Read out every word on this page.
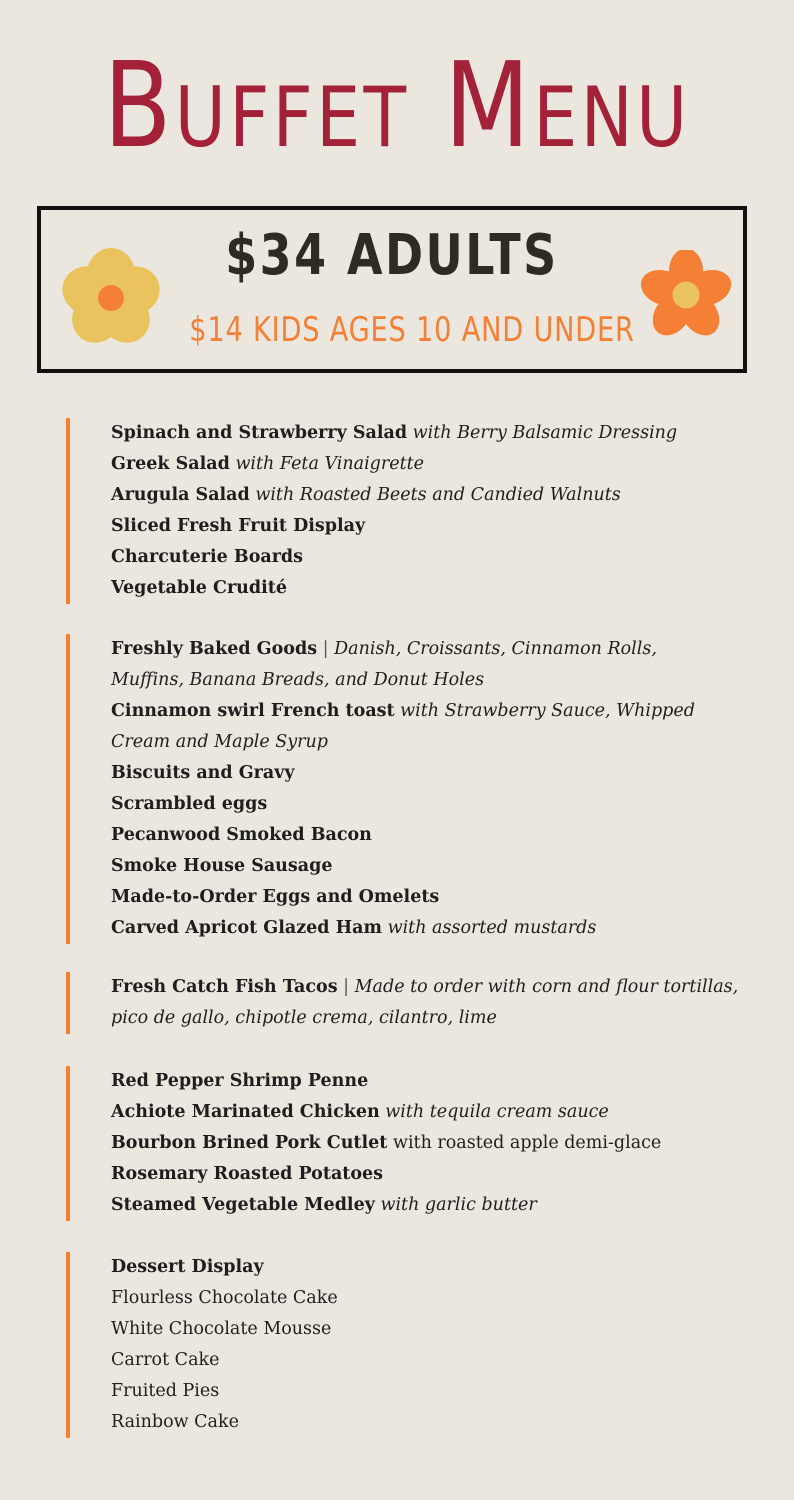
Buffet Menu
$34 ADULTS
$14 KIDS AGES 10 AND UNDER
Spinach and Strawberry Salad with Berry Balsamic Dressing
Greek Salad with Feta Vinaigrette
Arugula Salad with Roasted Beets and Candied Walnuts
Sliced Fresh Fruit Display
Charcuterie Boards
Vegetable Crudité
Freshly Baked Goods | Danish, Croissants, Cinnamon Rolls,
Muffins, Banana Breads, and Donut Holes
Cinnamon swirl French toast with Strawberry Sauce, Whipped
Cream and Maple Syrup
Biscuits and Gravy
Scrambled eggs
Pecanwood Smoked Bacon
Smoke House Sausage
Made-to-Order Eggs and Omelets
Carved Apricot Glazed Ham with assorted mustards
Fresh Catch Fish Tacos | Made to order with corn and flour tortillas,
pico de gallo, chipotle crema, cilantro, lime
Red Pepper Shrimp Penne
Achiote Marinated Chicken with tequila cream sauce
Bourbon Brined Pork Cutlet with roasted apple demi-glace
Rosemary Roasted Potatoes
Steamed Vegetable Medley with garlic butter
Dessert Display
Flourless Chocolate Cake
White Chocolate Mousse
Carrot Cake
Fruited Pies
Rainbow Cake
